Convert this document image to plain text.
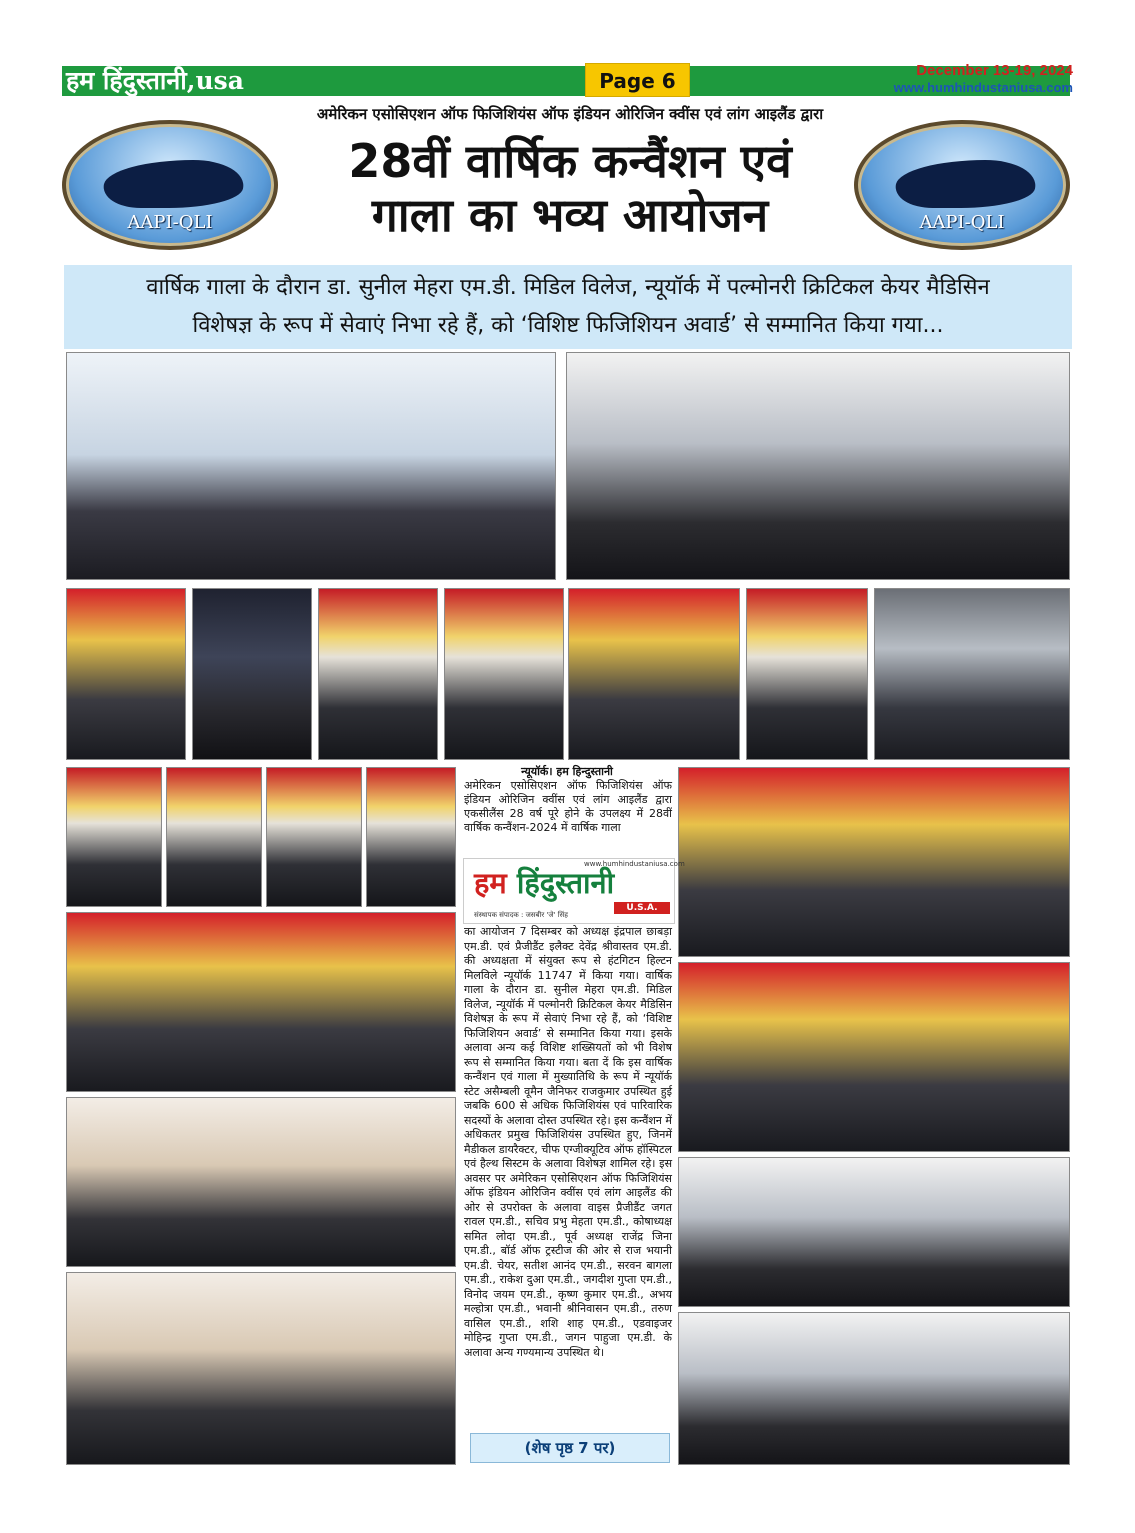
हम हिंदुस्तानी,usa	Page 6	December 13-19, 2024
www.humhindustaniusa.com
अमेरिकन एसोसिएशन ऑफ फिजिशियंस ऑफ इंडियन ओरिजिन क्वींस एवं लांग आइलैंड द्वारा
28वीं वार्षिक कन्वैंशन एवं
गाला का भव्य आयोजन
AAPI-QLI	AAPI-QLI
वार्षिक गाला के दौरान डा. सुनील मेहरा एम.डी. मिडिल विलेज, न्यूयॉर्क में पल्मोनरी क्रिटिकल केयर मैडिसिन
विशेषज्ञ के रूप में सेवाएं निभा रहे हैं, को ‘विशिष्ट फिजिशियन अवार्ड’ से सम्मानित किया गया...
न्यूयॉर्क। हम हिन्दुस्तानी
अमेरिकन एसोसिएशन ऑफ फिजिशियंस ऑफ इंडियन ओरिजिन क्वींस एवं लांग आइलैंड द्वारा एकसीलैंस 28 वर्ष पूरे होने के उपलक्ष्य में 28वीं वार्षिक कन्वैंशन-2024 में वार्षिक गाला
www.humhindustaniusa.com
हम हिंदुस्तानी
U.S.A.
संस्थापक संपादक : जसबीर 'जे' सिंह
का आयोजन 7 दिसम्बर को अध्यक्ष इंद्रपाल छाबड़ा एम.डी. एवं प्रैजीडैंट इलैक्ट देवेंद्र श्रीवास्तव एम.डी. की अध्यक्षता में संयुक्त रूप से हंटगिटन हिल्टन मिलविले न्यूयॉर्क 11747 में किया गया। वार्षिक गाला के दौरान डा. सुनील मेहरा एम.डी. मिडिल विलेज, न्यूयॉर्क में पल्मोनरी क्रिटिकल केयर मैडिसिन विशेषज्ञ के रूप में सेवाएं निभा रहे हैं, को ‘विशिष्ट फिजिशियन अवार्ड’ से सम्मानित किया गया। इसके अलावा अन्य कई विशिष्ट शख्सियतों को भी विशेष रूप से सम्मानित किया गया। बता दें कि इस वार्षिक कन्वैंशन एवं गाला में मुख्यातिथि के रूप में न्यूयॉर्क स्टेट असैम्बली वूमैन जैनिफर राजकुमार उपस्थित हुई जबकि 600 से अधिक फिजिशियंस एवं पारिवारिक सदस्यों के अलावा दोस्त उपस्थित रहे। इस कन्वैंशन में अधिकतर प्रमुख फिजिशियंस उपस्थित हुए, जिनमें मैडीकल डायरैक्टर, चीफ एग्जीक्यूटिव ऑफ हॉस्पिटल एवं हैल्थ सिस्टम के अलावा विशेषज्ञ शामिल रहे। इस अवसर पर अमेरिकन एसोसिएशन ऑफ फिजिशियंस ऑफ इंडियन ओरिजिन क्वींस एवं लांग आइलैंड की ओर से उपरोक्त के अलावा वाइस प्रैजीडैंट जगत रावल एम.डी., सचिव प्रभु मेहता एम.डी., कोषाध्यक्ष समित लोदा एम.डी., पूर्व अध्यक्ष राजेंद्र जिना एम.डी., बॉर्ड ऑफ ट्रस्टीज की ओर से राज भयानी एम.डी. चेयर, सतीश आनंद एम.डी., सरवन बागला एम.डी., राकेश दुआ एम.डी., जगदीश गुप्ता एम.डी., विनोद जयम एम.डी., कृष्ण कुमार एम.डी., अभय मल्होत्रा एम.डी., भवानी श्रीनिवासन एम.डी., तरुण वासिल एम.डी., शशि शाह एम.डी., एडवाइजर मोहिन्द्र गुप्ता एम.डी., जगन पाहुजा एम.डी. के अलावा अन्य गण्यमान्य उपस्थित थे।
(शेष पृष्ठ 7 पर)
